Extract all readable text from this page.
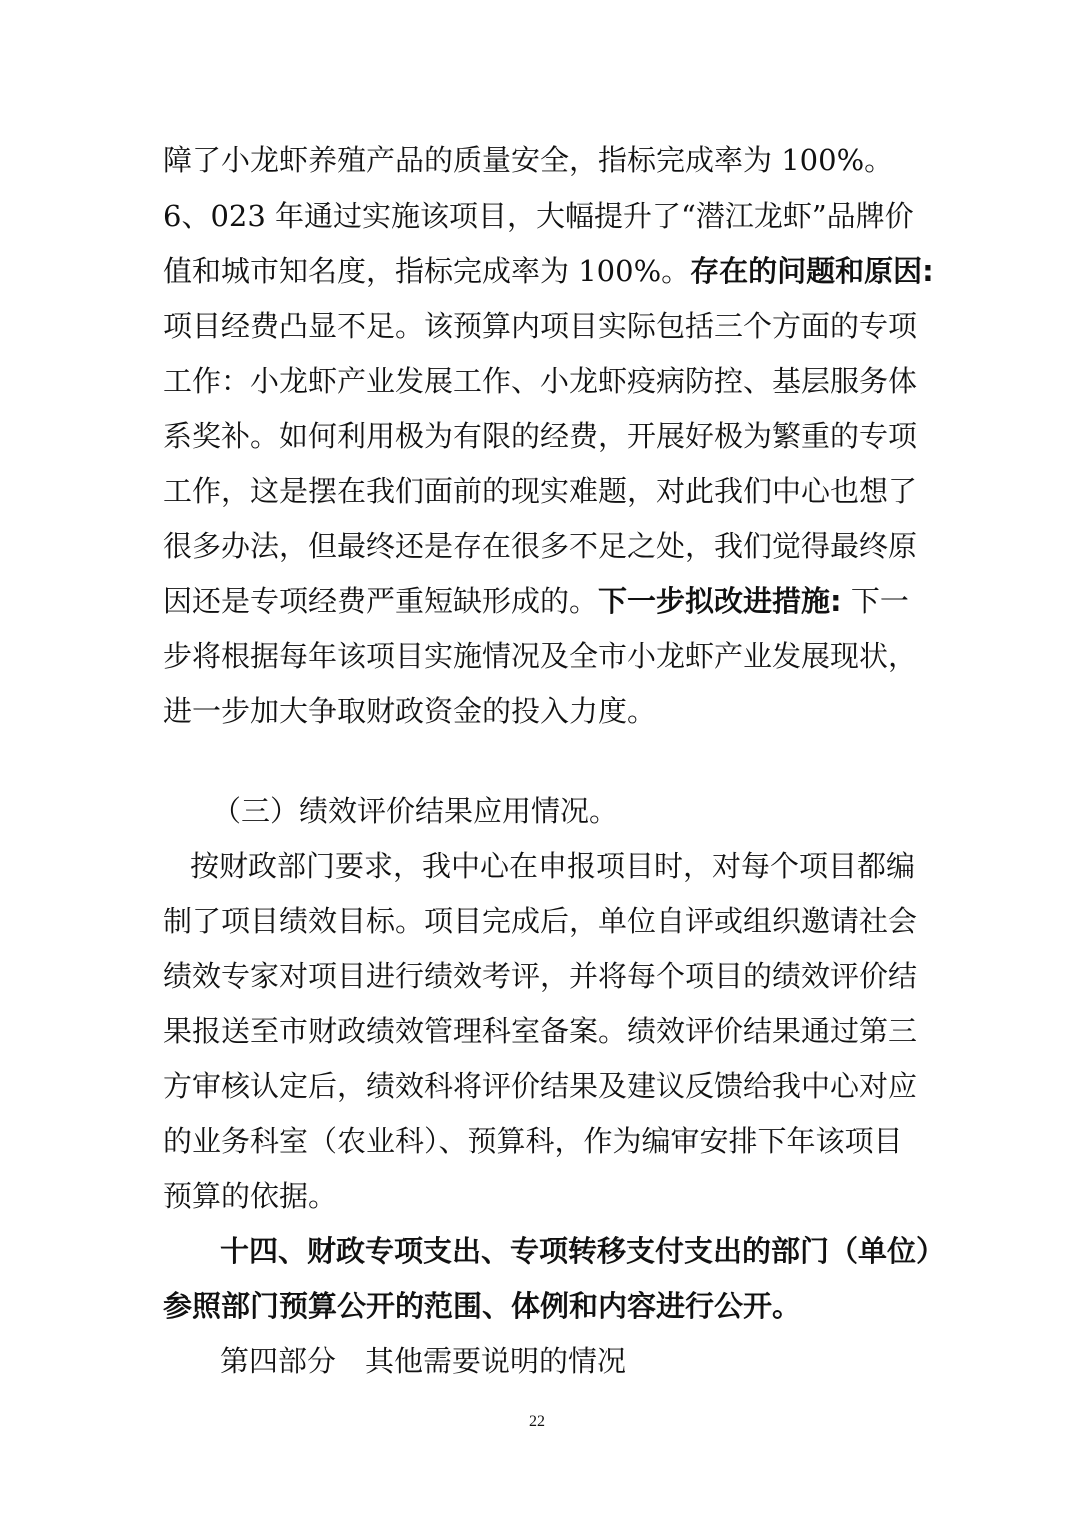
障了小龙虾养殖产品的质量安全，指标完成率为 100%。
6、023 年通过实施该项目，大幅提升了“潜江龙虾”品牌价
值和城市知名度，指标完成率为 100%。存在的问题和原因:
项目经费凸显不足。该预算内项目实际包括三个方面的专项
工作：小龙虾产业发展工作、小龙虾疫病防控、基层服务体
系奖补。如何利用极为有限的经费，开展好极为繁重的专项
工作，这是摆在我们面前的现实难题，对此我们中心也想了
很多办法，但最终还是存在很多不足之处，我们觉得最终原
因还是专项经费严重短缺形成的。下一步拟改进措施: 下一
步将根据每年该项目实施情况及全市小龙虾产业发展现状，
进一步加大争取财政资金的投入力度。
（三）绩效评价结果应用情况。
按财政部门要求，我中心在申报项目时，对每个项目都编
制了项目绩效目标。项目完成后，单位自评或组织邀请社会
绩效专家对项目进行绩效考评，并将每个项目的绩效评价结
果报送至市财政绩效管理科室备案。绩效评价结果通过第三
方审核认定后，绩效科将评价结果及建议反馈给我中心对应
的业务科室（农业科）、预算科，作为编审安排下年该项目
预算的依据。
十四、财政专项支出、专项转移支付支出的部门（单位）
参照部门预算公开的范围、体例和内容进行公开。
第四部分　其他需要说明的情况
22
